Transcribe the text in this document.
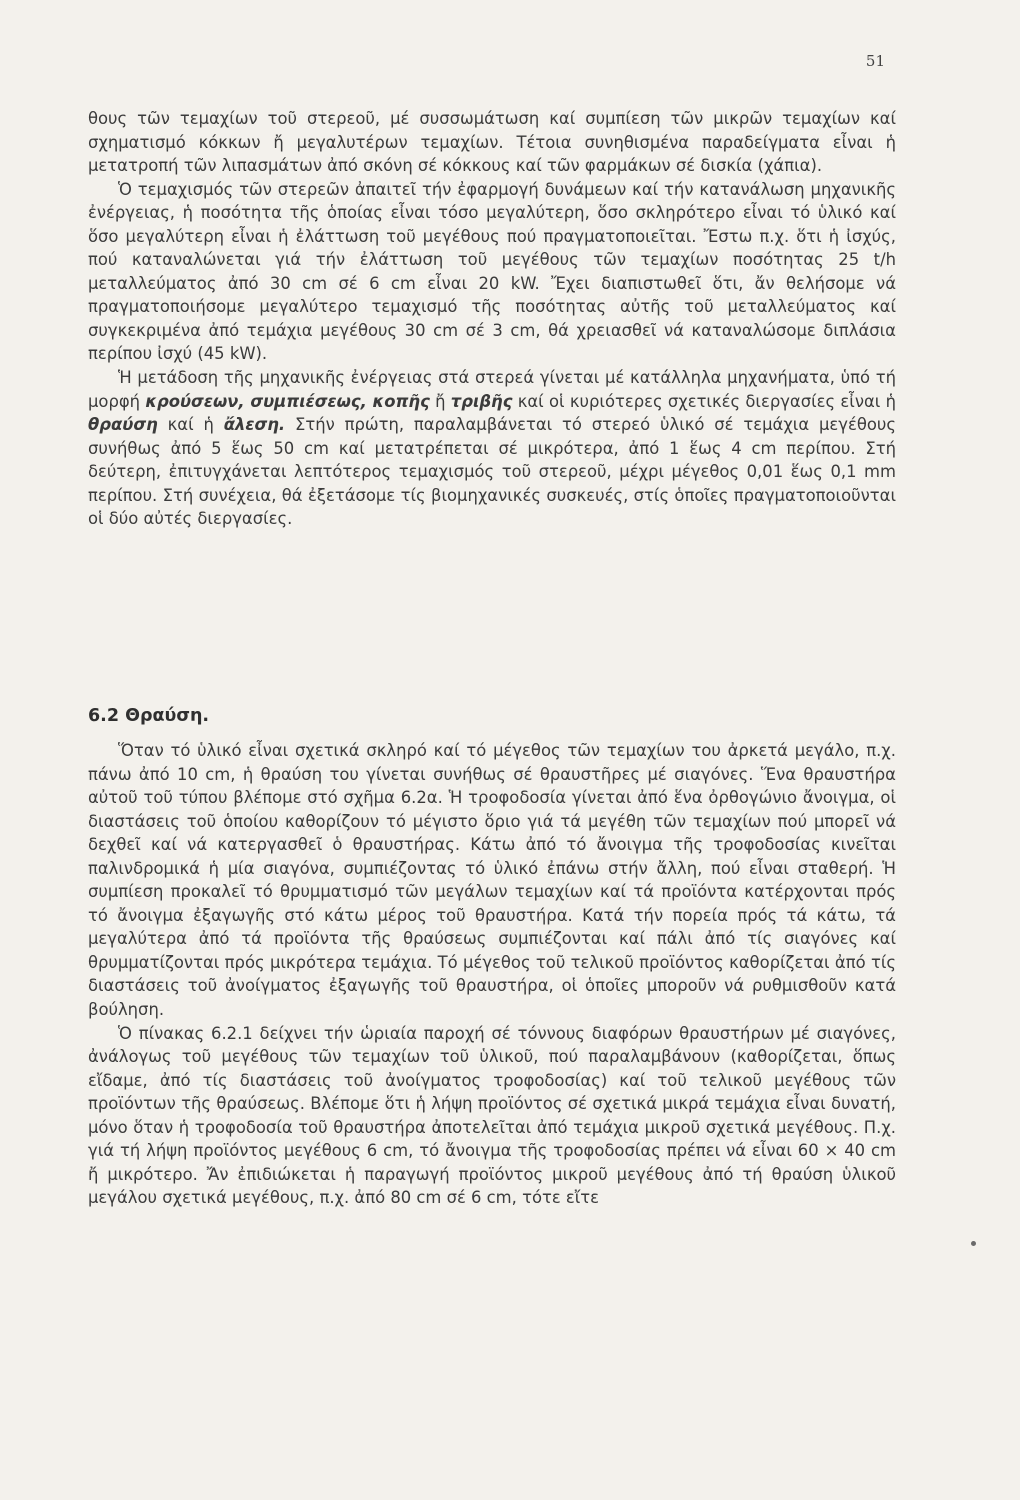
51

θους τῶν τεμαχίων τοῦ στερεοῦ, μέ συσσωμάτωση καί συμπίεση τῶν μικρῶν τεμαχίων καί σχηματισμό κόκκων ἤ μεγαλυτέρων τεμαχίων. Τέτοια συνηθισμένα παραδείγματα εἶναι ἡ μετατροπή τῶν λιπασμάτων ἀπό σκόνη σέ κόκκους καί τῶν φαρμάκων σέ δισκία (χάπια).

Ὁ τεμαχισμός τῶν στερεῶν ἀπαιτεῖ τήν ἐφαρμογή δυνάμεων καί τήν κατανάλωση μηχανικῆς ἐνέργειας, ἡ ποσότητα τῆς ὁποίας εἶναι τόσο μεγαλύτερη, ὅσο σκληρότερο εἶναι τό ὑλικό καί ὅσο μεγαλύτερη εἶναι ἡ ἐλάττωση τοῦ μεγέθους πού πραγματοποιεῖται. Ἔστω π.χ. ὅτι ἡ ἰσχύς, πού καταναλώνεται γιά τήν ἐλάττωση τοῦ μεγέθους τῶν τεμαχίων ποσότητας 25 t/h μεταλλεύματος ἀπό 30 cm σέ 6 cm εἶναι 20 kW. Ἔχει διαπιστωθεῖ ὅτι, ἄν θελήσομε νά πραγματοποιήσομε μεγαλύτερο τεμαχισμό τῆς ποσότητας αὐτῆς τοῦ μεταλλεύματος καί συγκεκριμένα ἀπό τεμάχια μεγέθους 30 cm σέ 3 cm, θά χρειασθεῖ νά καταναλώσομε διπλάσια περίπου ἰσχύ (45 kW).

Ἡ μετάδοση τῆς μηχανικῆς ἐνέργειας στά στερεά γίνεται μέ κατάλληλα μηχανήματα, ὑπό τή μορφή κρούσεων, συμπιέσεως, κοπῆς ἤ τριβῆς καί οἱ κυριότερες σχετικές διεργασίες εἶναι ἡ θραύση καί ἡ ἄλεση. Στήν πρώτη, παραλαμβάνεται τό στερεό ὑλικό σέ τεμάχια μεγέθους συνήθως ἀπό 5 ἕως 50 cm καί μετατρέπεται σέ μικρότερα, ἀπό 1 ἕως 4 cm περίπου. Στή δεύτερη, ἐπιτυγχάνεται λεπτότερος τεμαχισμός τοῦ στερεοῦ, μέχρι μέγεθος 0,01 ἕως 0,1 mm περίπου. Στή συνέχεια, θά ἐξετάσομε τίς βιομηχανικές συσκευές, στίς ὁποῖες πραγματοποιοῦνται οἱ δύο αὐτές διεργασίες.

6.2 Θραύση.

Ὅταν τό ὑλικό εἶναι σχετικά σκληρό καί τό μέγεθος τῶν τεμαχίων του ἀρκετά μεγάλο, π.χ. πάνω ἀπό 10 cm, ἡ θραύση του γίνεται συνήθως σέ θραυστῆρες μέ σιαγόνες. Ἕνα θραυστήρα αὐτοῦ τοῦ τύπου βλέπομε στό σχῆμα 6.2α. Ἡ τροφοδοσία γίνεται ἀπό ἕνα ὀρθογώνιο ἄνοιγμα, οἱ διαστάσεις τοῦ ὁποίου καθορίζουν τό μέγιστο ὅριο γιά τά μεγέθη τῶν τεμαχίων πού μπορεῖ νά δεχθεῖ καί νά κατεργασθεῖ ὁ θραυστήρας. Κάτω ἀπό τό ἄνοιγμα τῆς τροφοδοσίας κινεῖται παλινδρομικά ἡ μία σιαγόνα, συμπιέζοντας τό ὑλικό ἐπάνω στήν ἄλλη, πού εἶναι σταθερή. Ἡ συμπίεση προκαλεῖ τό θρυμματισμό τῶν μεγάλων τεμαχίων καί τά προϊόντα κατέρχονται πρός τό ἄνοιγμα ἐξαγωγῆς στό κάτω μέρος τοῦ θραυστήρα. Κατά τήν πορεία πρός τά κάτω, τά μεγαλύτερα ἀπό τά προϊόντα τῆς θραύσεως συμπιέζονται καί πάλι ἀπό τίς σιαγόνες καί θρυμματίζονται πρός μικρότερα τεμάχια. Τό μέγεθος τοῦ τελικοῦ προϊόντος καθορίζεται ἀπό τίς διαστάσεις τοῦ ἀνοίγματος ἐξαγωγῆς τοῦ θραυστήρα, οἱ ὁποῖες μποροῦν νά ρυθμισθοῦν κατά βούληση.

Ὁ πίνακας 6.2.1 δείχνει τήν ὡριαία παροχή σέ τόννους διαφόρων θραυστήρων μέ σιαγόνες, ἀνάλογως τοῦ μεγέθους τῶν τεμαχίων τοῦ ὑλικοῦ, πού παραλαμβάνουν (καθορίζεται, ὅπως εἴδαμε, ἀπό τίς διαστάσεις τοῦ ἀνοίγματος τροφοδοσίας) καί τοῦ τελικοῦ μεγέθους τῶν προϊόντων τῆς θραύσεως. Βλέπομε ὅτι ἡ λήψη προϊόντος σέ σχετικά μικρά τεμάχια εἶναι δυνατή, μόνο ὅταν ἡ τροφοδοσία τοῦ θραυστήρα ἀποτελεῖται ἀπό τεμάχια μικροῦ σχετικά μεγέθους. Π.χ. γιά τή λήψη προϊόντος μεγέθους 6 cm, τό ἄνοιγμα τῆς τροφοδοσίας πρέπει νά εἶναι 60 × 40 cm ἤ μικρότερο. Ἄν ἐπιδιώκεται ἡ παραγωγή προϊόντος μικροῦ μεγέθους ἀπό τή θραύση ὑλικοῦ μεγάλου σχετικά μεγέθους, π.χ. ἀπό 80 cm σέ 6 cm, τότε εἴτε
